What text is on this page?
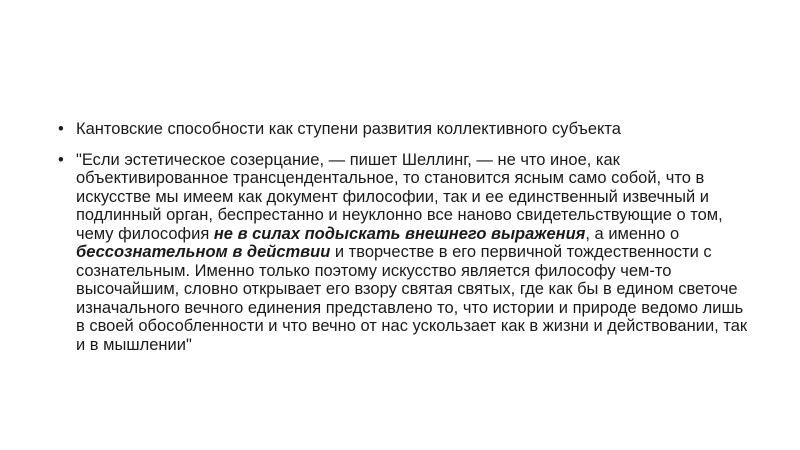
• Кантовские способности как ступени развития коллективного субъекта
• "Если эстетическое созерцание, — пишет Шеллинг, — не что иное, как объективированное трансцендентальное, то становится ясным само собой, что в искусстве мы имеем как документ философии, так и ее единственный извечный и подлинный орган, беспрестанно и неуклонно все наново свидетельствующие о том, чему философия не в силах подыскать внешнего выражения, а именно о бессознательном в действии и творчестве в его первичной тождественности с сознательным. Именно только поэтому искусство является философу чем-то высочайшим, словно открывает его взору святая святых, где как бы в едином светоче изначального вечного единения представлено то, что истории и природе ведомо лишь в своей обособленности и что вечно от нас ускользает как в жизни и действовании, так и в мышлении"
